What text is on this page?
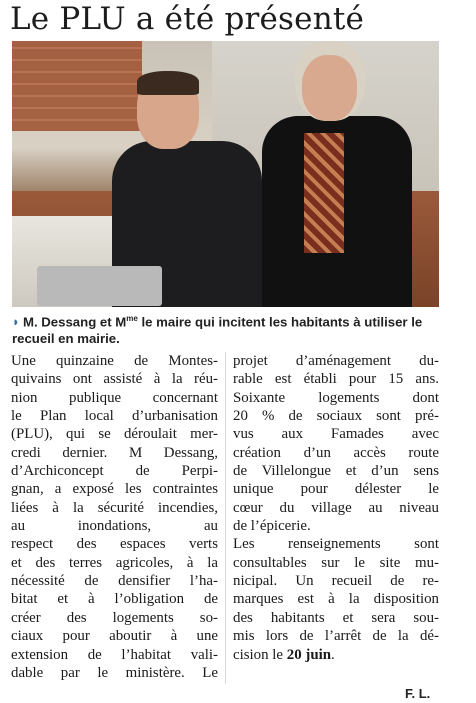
Le PLU a été présenté
◗ M. Dessang et $M^{me}$ le maire qui incitent les habitants à utiliser le recueil en mairie.
Une quinzaine de Montes-
quivains ont assisté à la réu-
nion publique concernant
le Plan local d’urbanisation
(PLU), qui se déroulait mer-
credi dernier. M Dessang,
d’Archiconcept de Perpi-
gnan, a exposé les contraintes
liées à la sécurité incendies,
au inondations, au
respect des espaces verts
et des terres agricoles, à la
nécessité de densifier l’ha-
bitat et à l’obligation de
créer des logements so-
ciaux pour aboutir à une
extension de l’habitat vali-
dable par le ministère. Le
projet d’aménagement du-
rable est établi pour 15 ans.
Soixante logements dont
20 % de sociaux sont pré-
vus aux Famades avec
création d’un accès route
de Villelongue et d’un sens
unique pour délester le
cœur du village au niveau
de l’épicerie.
Les renseignements sont
consultables sur le site mu-
nicipal. Un recueil de re-
marques est à la disposition
des habitants et sera sou-
mis lors de l’arrêt de la dé-
cision le 20 juin.
F. L.
